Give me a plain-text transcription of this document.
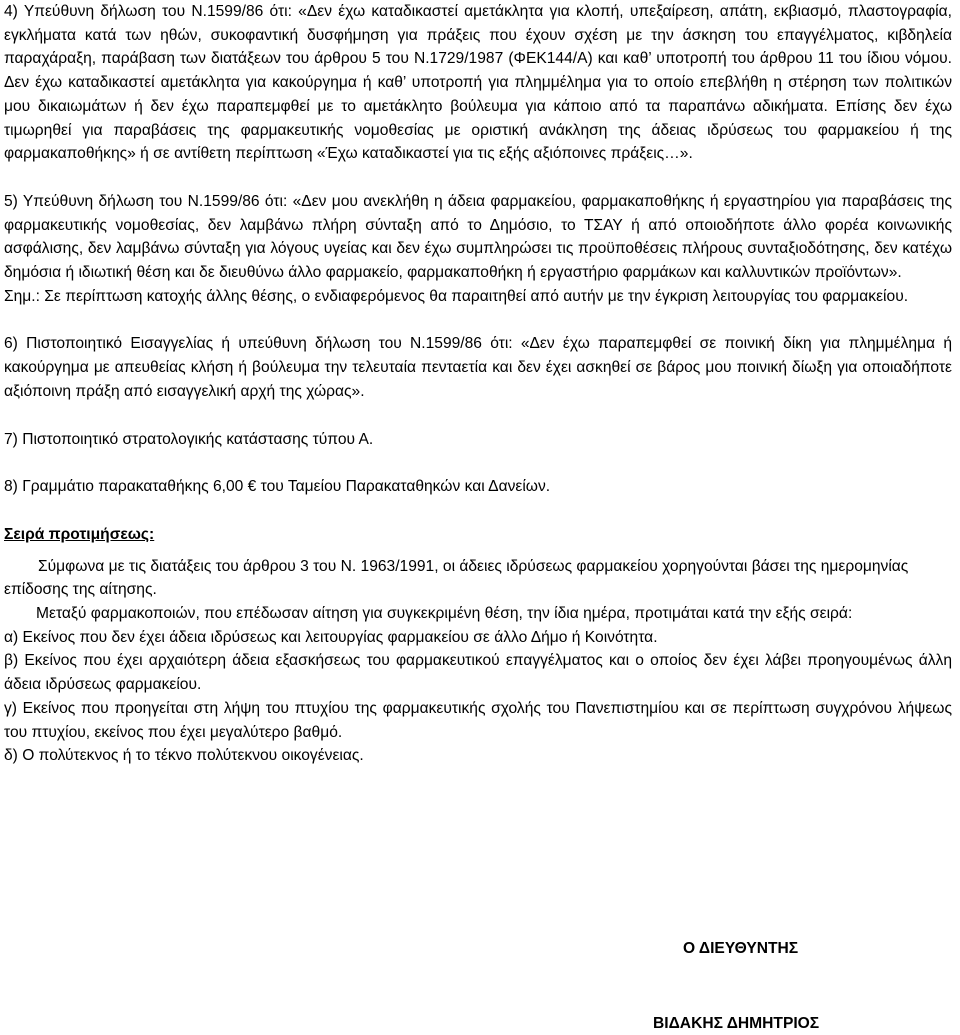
4) Υπεύθυνη δήλωση του Ν.1599/86 ότι: «Δεν έχω καταδικαστεί αμετάκλητα για κλοπή, υπεξαίρεση, απάτη, εκβιασμό, πλαστογραφία, εγκλήματα κατά των ηθών, συκοφαντική δυσφήμηση για πράξεις που έχουν σχέση με την άσκηση του επαγγέλματος, κιβδηλεία παραχάραξη, παράβαση των διατάξεων του άρθρου 5 του Ν.1729/1987 (ΦΕΚ144/Α) και καθ’ υποτροπή του άρθρου 11 του ίδιου νόμου. Δεν έχω καταδικαστεί αμετάκλητα για κακούργημα ή καθ’ υποτροπή για πλημμέλημα για το οποίο επεβλήθη η στέρηση των πολιτικών μου δικαιωμάτων ή δεν έχω παραπεμφθεί με το αμετάκλητο βούλευμα για κάποιο από τα παραπάνω αδικήματα. Επίσης δεν έχω τιμωρηθεί για παραβάσεις της φαρμακευτικής νομοθεσίας με οριστική ανάκληση της άδειας ιδρύσεως του φαρμακείου ή της φαρμακαποθήκης» ή σε αντίθετη περίπτωση «Έχω καταδικαστεί για τις εξής αξιόποινες πράξεις…».

5) Υπεύθυνη δήλωση του Ν.1599/86 ότι: «Δεν μου ανεκλήθη η άδεια φαρμακείου, φαρμακαποθήκης ή εργαστηρίου για παραβάσεις της φαρμακευτικής νομοθεσίας, δεν λαμβάνω πλήρη σύνταξη από το Δημόσιο, το ΤΣΑΥ ή από οποιοδήποτε άλλο φορέα κοινωνικής ασφάλισης, δεν λαμβάνω σύνταξη για λόγους υγείας και δεν έχω συμπληρώσει τις προϋποθέσεις πλήρους συνταξιοδότησης, δεν κατέχω δημόσια ή ιδιωτική θέση και δε διευθύνω άλλο φαρμακείο, φαρμακαποθήκη ή εργαστήριο φαρμάκων και καλλυντικών προϊόντων».

Σημ.: Σε περίπτωση κατοχής άλλης θέσης, ο ενδιαφερόμενος θα παραιτηθεί από αυτήν με την έγκριση λειτουργίας του φαρμακείου.

6) Πιστοποιητικό Εισαγγελίας ή υπεύθυνη δήλωση του Ν.1599/86 ότι: «Δεν έχω παραπεμφθεί σε ποινική δίκη για πλημμέλημα ή κακούργημα με απευθείας κλήση ή βούλευμα την τελευταία πενταετία και δεν έχει ασκηθεί σε βάρος μου ποινική δίωξη για οποιαδήποτε αξιόποινη πράξη από εισαγγελική αρχή της χώρας».

7) Πιστοποιητικό στρατολογικής κατάστασης τύπου Α.

8) Γραμμάτιο παρακαταθήκης 6,00 € του Ταμείου Παρακαταθηκών και Δανείων.

Σειρά προτιμήσεως:

Σύμφωνα με τις διατάξεις του άρθρου 3 του Ν. 1963/1991, οι άδειες ιδρύσεως φαρμακείου χορηγούνται βάσει της ημερομηνίας επίδοσης της αίτησης.

Μεταξύ φαρμακοποιών, που επέδωσαν αίτηση για συγκεκριμένη θέση, την ίδια ημέρα, προτιμάται κατά την εξής σειρά:

α) Εκείνος που δεν έχει άδεια ιδρύσεως και λειτουργίας φαρμακείου σε άλλο Δήμο ή Κοινότητα.

β) Εκείνος που έχει αρχαιότερη άδεια εξασκήσεως του φαρμακευτικού επαγγέλματος και ο οποίος δεν έχει λάβει προηγουμένως άλλη άδεια ιδρύσεως φαρμακείου.

γ) Εκείνος που προηγείται στη λήψη του πτυχίου της φαρμακευτικής σχολής του Πανεπιστημίου και σε περίπτωση συγχρόνου λήψεως του πτυχίου, εκείνος που έχει μεγαλύτερο βαθμό.

δ) Ο πολύτεκνος ή το τέκνο πολύτεκνου οικογένειας.

Ο ΔΙΕΥΘΥΝΤΗΣ
ΒΙΔΑΚΗΣ ΔΗΜΗΤΡΙΟΣ
